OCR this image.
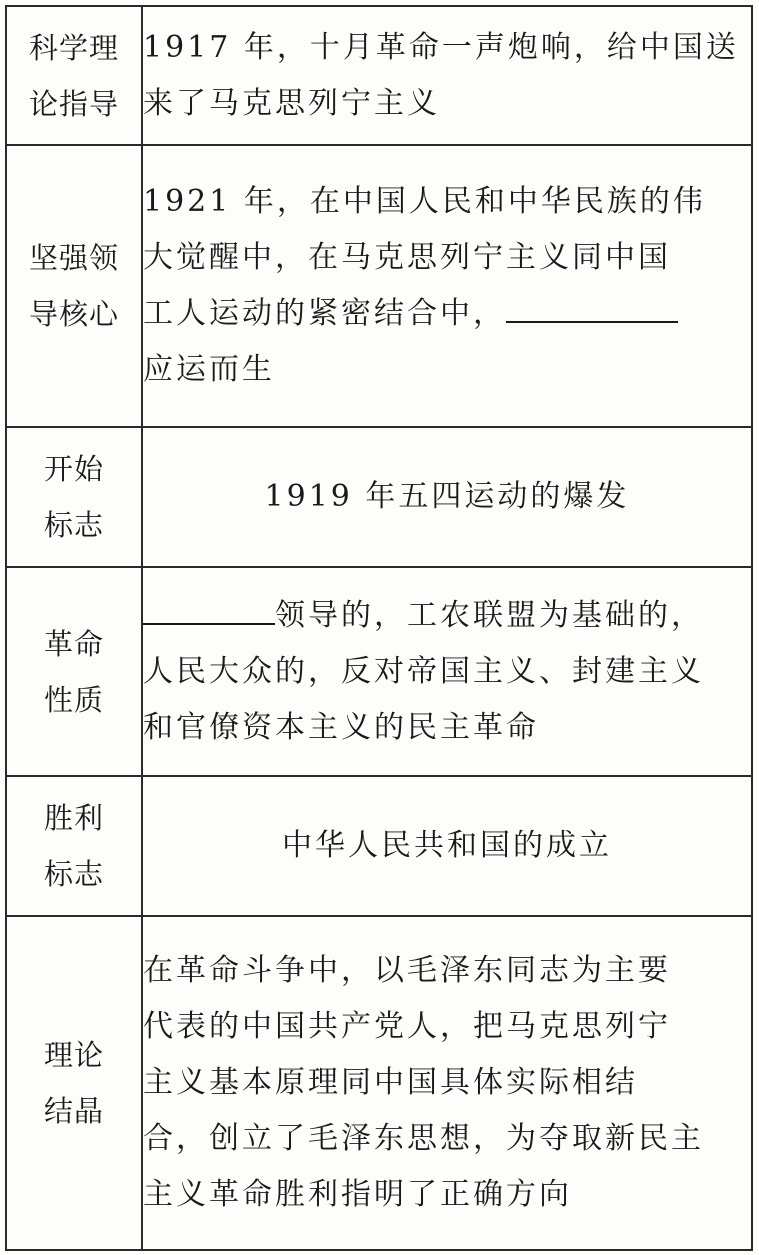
科学理
论指导	1917 年，十月革命一声炮响，给中国送
来了马克思列宁主义

坚强领
导核心	1921 年，在中国人民和中华民族的伟
大觉醒中，在马克思列宁主义同中国
工人运动的紧密结合中，
应运而生

开始
标志	1919 年五四运动的爆发

革命
性质	领导的，工农联盟为基础的，
人民大众的，反对帝国主义、封建主义
和官僚资本主义的民主革命

胜利
标志	中华人民共和国的成立

理论
结晶	在革命斗争中，以毛泽东同志为主要
代表的中国共产党人，把马克思列宁
主义基本原理同中国具体实际相结
合，创立了毛泽东思想，为夺取新民主
主义革命胜利指明了正确方向
